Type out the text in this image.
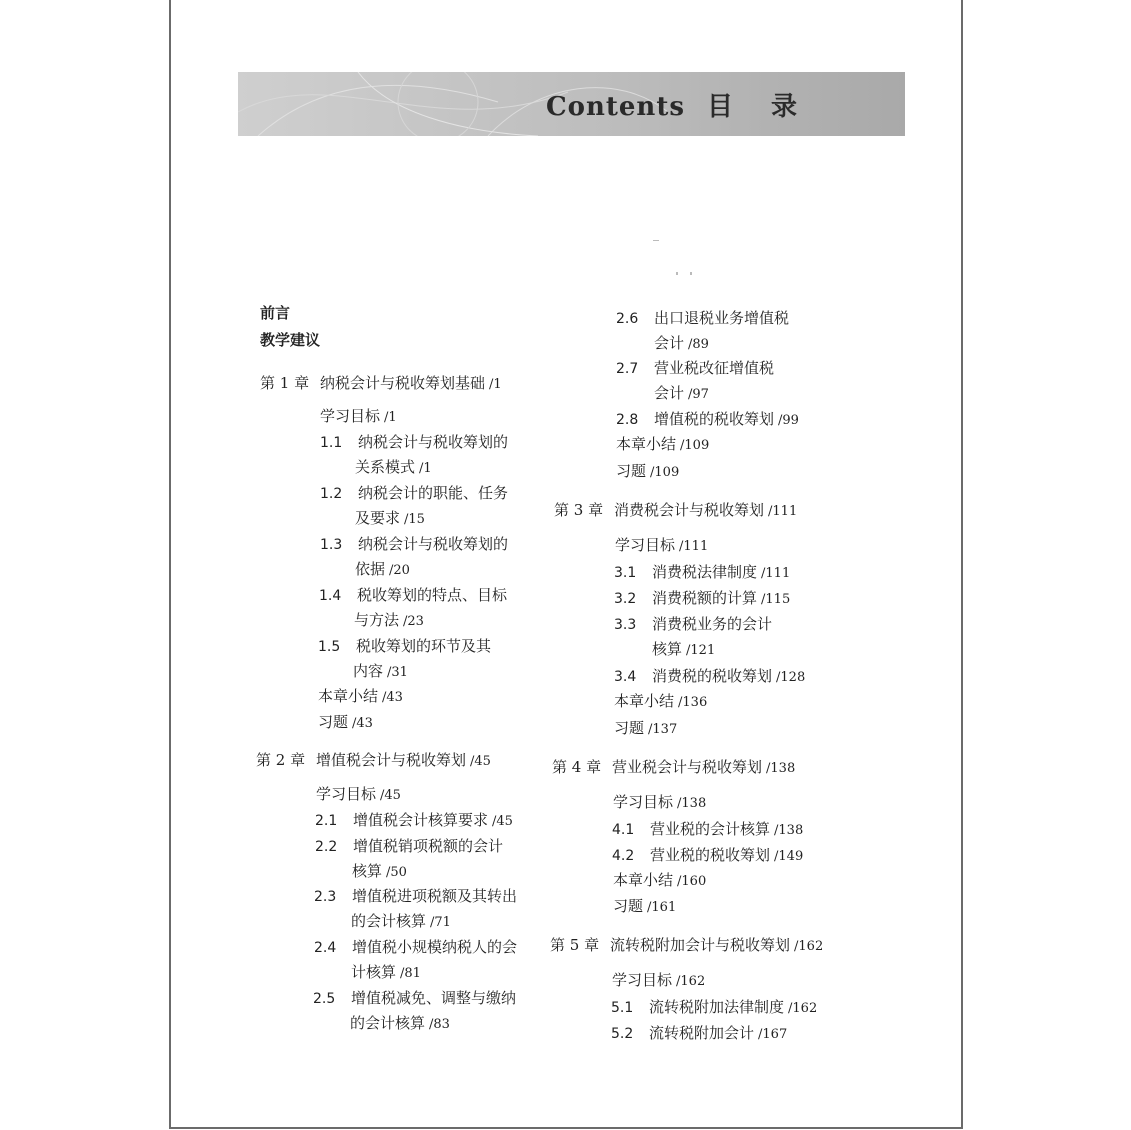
Contents 目录
前言
教学建议
第 1 章 纳税会计与税收筹划基础 /1
学习目标 /1
1.1 纳税会计与税收筹划的
关系模式 /1
1.2 纳税会计的职能、任务
及要求 /15
1.3 纳税会计与税收筹划的
依据 /20
1.4 税收筹划的特点、目标
与方法 /23
1.5 税收筹划的环节及其
内容 /31
本章小结 /43
习题 /43
第 2 章 增值税会计与税收筹划 /45
学习目标 /45
2.1 增值税会计核算要求 /45
2.2 增值税销项税额的会计
核算 /50
2.3 增值税进项税额及其转出
的会计核算 /71
2.4 增值税小规模纳税人的会
计核算 /81
2.5 增值税减免、调整与缴纳
的会计核算 /83
2.6 出口退税业务增值税
会计 /89
2.7 营业税改征增值税
会计 /97
2.8 增值税的税收筹划 /99
本章小结 /109
习题 /109
第 3 章 消费税会计与税收筹划 /111
学习目标 /111
3.1 消费税法律制度 /111
3.2 消费税额的计算 /115
3.3 消费税业务的会计
核算 /121
3.4 消费税的税收筹划 /128
本章小结 /136
习题 /137
第 4 章 营业税会计与税收筹划 /138
学习目标 /138
4.1 营业税的会计核算 /138
4.2 营业税的税收筹划 /149
本章小结 /160
习题 /161
第 5 章 流转税附加会计与税收筹划 /162
学习目标 /162
5.1 流转税附加法律制度 /162
5.2 流转税附加会计 /167
